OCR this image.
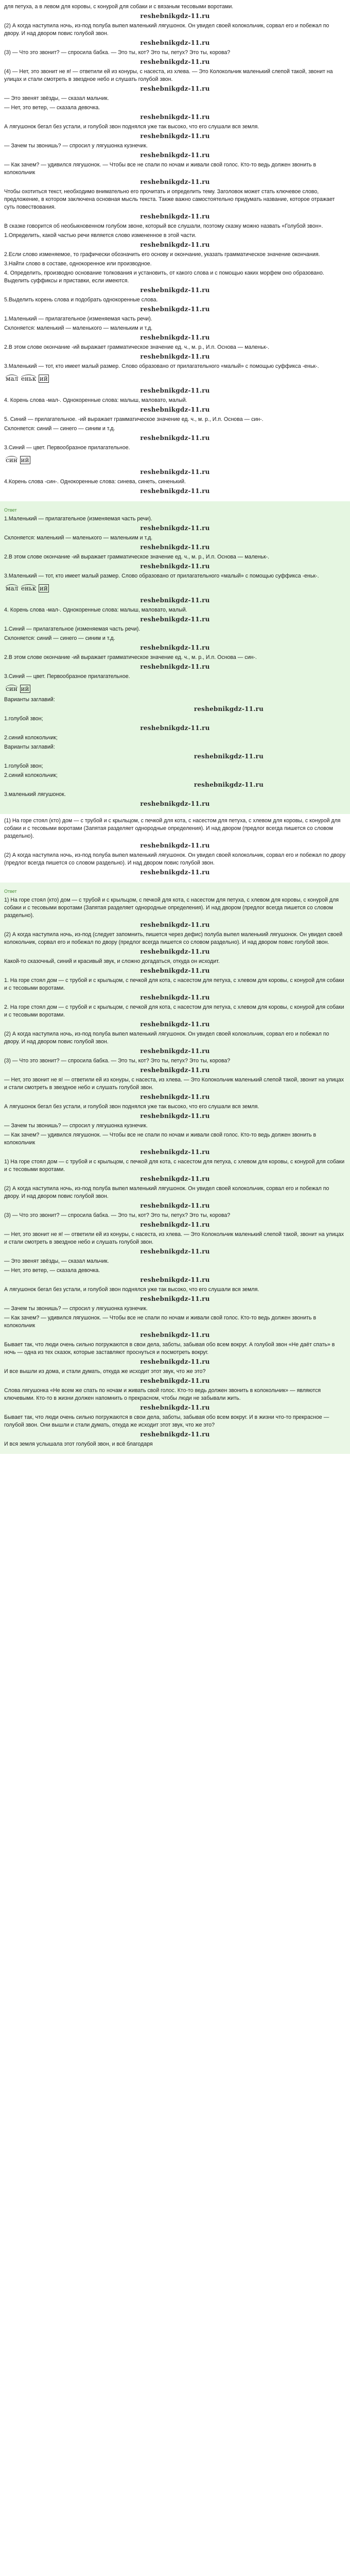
для петуха, а в левом для коровы, с конурой для собаки и с вязаным тесовыми воротами.

reshebnikgdz-11.ru

(2) А когда наступила ночь, из-под полуба выпел маленький лягушонок. Он увидел своей колокольчик, сорвал его и побежал по двору. И над двором повис голубой звон.

reshebnikgdz-11.ru

(3) — Что это звонит? — спросила бабка. — Это ты, кот? Это ты, петух? Это ты, корова?

reshebnikgdz-11.ru

(4) — Нет, это звонит не я! — ответили ей из конуры, с насеста, из хлева. — Это Колокольчик маленький слепой такой, звонит на улицах и стали смотреть в звездное небо и слушать голубой звон.

reshebnikgdz-11.ru

— Это звенят звёзды, — сказал мальчик.

— Нет, это ветер, — сказала девочка.

reshebnikgdz-11.ru

А лягушонок бегал без устали, и голубой звон поднялся уже так высоко, что его слушали вся земля.

reshebnikgdz-11.ru

— Зачем ты звонишь? — спросил у лягушонка кузнечик.

reshebnikgdz-11.ru

— Как зачем? — удивился лягушонок. — Чтобы все не спали по ночам и живали свой голос. Кто-то ведь должен звонить в колокольчик

reshebnikgdz-11.ru

Чтобы охотиться текст, необходимо внимательно его прочитать и определить тему. Заголовок может стать ключевое слово, предложение, в котором заключена основная мысль текста. Также важно самостоятельно придумать название, которое отражает суть повествования.

reshebnikgdz-11.ru

В сказке говорится об необыкновенном голубом звоне, который все слушали, поэтому сказку можно назвать «Голубой звон».

1.Определить, какой частью речи является слово измененное в этой части.

reshebnikgdz-11.ru

2.Если слово изменяемое, то графически обозначить его основу и окончание, указать грамматическое значение окончания.

3.Найти слово в составе, однокоренное или производное.

4. Определить, производно основание толкования и установить, от какого слова и с помощью каких морфем оно образовано. Выделить суффиксы и приставки, если имеются.

reshebnikgdz-11.ru

5.Выделить корень слова и подобрать однокоренные слова.

reshebnikgdz-11.ru

1.Маленький — прилагательное (изменяемая часть речи).

Склоняется: маленький — маленького — маленьким и т.д.

reshebnikgdz-11.ru

2.В этом слове окончание -ий выражает грамматическое значение ед. ч., м. р., И.п. Основа — маленьк-.

reshebnikgdz-11.ru

3.Маленький — тот, кто имеет малый размер. Слово образовано от прилагательного «малый» с помощью суффикса -еньк-.

мал еньк ий
reshebnikgdz-11.ru

4. Корень слова -мал-. Однокоренные слова: малыш, маловато, малый.

reshebnikgdz-11.ru

5. Синий — прилагательное. -ий выражает грамматическое значение ед. ч., м. р., И.п. Основа — син-.

Склоняется: синий — синего — синим и т.д.

reshebnikgdz-11.ru

3.Синий — цвет. Первообразное прилагательное.

син ий
reshebnikgdz-11.ru

4.Корень слова -син-. Однокоренные слова: синева, синеть, синенький.

reshebnikgdz-11.ru
Ответ

1.Маленький — прилагательное (изменяемая часть речи).

reshebnikgdz-11.ru

Склоняется: маленький — маленького — маленьким и т.д.

reshebnikgdz-11.ru

2.В этом слове окончание -ий выражает грамматическое значение ед. ч., м. р., И.п. Основа — маленьк-.

reshebnikgdz-11.ru

3.Маленький — тот, кто имеет малый размер. Слово образовано от прилагательного «малый» с помощью суффикса -еньк-.

мал еньк ий
reshebnikgdz-11.ru

4. Корень слова -мал-. Однокоренные слова: малыш, маловато, малый.

reshebnikgdz-11.ru

1.Синий — прилагательное (изменяемая часть речи).

Склоняется: синий — синего — синим и т.д.

reshebnikgdz-11.ru

2.В этом слове окончание -ий выражает грамматическое значение ед. ч., м. р., И.п. Основа — син-.

reshebnikgdz-11.ru

3.Синий — цвет. Первообразное прилагательное.

син ий

Варианты заглавий:

reshebnikgdz-11.ru

1.голубой звон;

reshebnikgdz-11.ru

2.синий колокольчик;

Варианты заглавий:

reshebnikgdz-11.ru

1.голубой звон;

2.синий колокольчик;

reshebnikgdz-11.ru

3.маленький лягушонок.

reshebnikgdz-11.ru

(1) На горе стоял (кто) дом — с трубой и с крыльцом, с печкой для кота, с насестом для петуха, с хлевом для коровы, с конурой для собаки и с тесовыми воротами (Запятая разделяет однородные определения). И над двором (предлог всегда пишется со словом раздельно).

reshebnikgdz-11.ru

(2) А когда наступила ночь, из-под полуба выпел маленький лягушонок. Он увидел своей колокольчик, сорвал его и побежал по двору (предлог всегда пишется со словом раздельно). И над двором повис голубой звон.

reshebnikgdz-11.ru
Ответ

1) На горе стоял (кто) дом — с трубой и с крыльцом, с печкой для кота, с насестом для петуха, с хлевом для коровы, с конурой для собаки и с тесовыми воротами (Запятая разделяет однородные определения). И над двором (предлог всегда пишется со словом раздельно).

reshebnikgdz-11.ru

(2) А когда наступила ночь, из-под (следует запомнить, пишется через дефис) полуба выпел маленький лягушонок. Он увидел своей колокольчик, сорвал его и побежал по двору (предлог всегда пишется со словом раздельно). И над двором повис голубой звон.

reshebnikgdz-11.ru

Какой-то сказочный, синий и красивый звук, и сложно догадаться, откуда он исходит.

reshebnikgdz-11.ru

1. На горе стоял дом — с трубой и с крыльцом, с печкой для кота, с насестом для петуха, с хлевом для коровы, с конурой для собаки и с тесовыми воротами.

reshebnikgdz-11.ru

2. На горе стоял дом — с трубой и с крыльцом, с печкой для кота, с насестом для петуха, с хлевом для коровы, с конурой для собаки и с тесовыми воротами.

reshebnikgdz-11.ru

(2) А когда наступила ночь, из-под полуба выпел маленький лягушонок. Он увидел своей колокольчик, сорвал его и побежал по двору. И над двором повис голубой звон.

reshebnikgdz-11.ru

(3) — Что это звонит? — спросила бабка. — Это ты, кот? Это ты, петух? Это ты, корова?

reshebnikgdz-11.ru

— Нет, это звонит не я! — ответили ей из конуры, с насеста, из хлева. — Это Колокольчик маленький слепой такой, звонит на улицах и стали смотреть в звездное небо и слушать голубой звон.

reshebnikgdz-11.ru

А лягушонок бегал без устали, и голубой звон поднялся уже так высоко, что его слушали вся земля.

reshebnikgdz-11.ru

— Зачем ты звонишь? — спросил у лягушонка кузнечик.

— Как зачем? — удивился лягушонок. — Чтобы все не спали по ночам и живали свой голос. Кто-то ведь должен звонить в колокольчик

reshebnikgdz-11.ru

1) На горе стоял дом — с трубой и с крыльцом, с печкой для кота, с насестом для петуха, с хлевом для коровы, с конурой для собаки и с тесовыми воротами.

reshebnikgdz-11.ru

(2) А когда наступила ночь, из-под полуба выпел маленький лягушонок. Он увидел своей колокольчик, сорвал его и побежал по двору. И над двором повис голубой звон.

reshebnikgdz-11.ru

(3) — Что это звонит? — спросила бабка. — Это ты, кот? Это ты, петух? Это ты, корова?

reshebnikgdz-11.ru

— Нет, это звонит не я! — ответили ей из конуры, с насеста, из хлева. — Это Колокольчик маленький слепой такой, звонит на улицах и стали смотреть в звездное небо и слушать голубой звон.

reshebnikgdz-11.ru

— Это звенят звёзды, — сказал мальчик.

— Нет, это ветер, — сказала девочка.

reshebnikgdz-11.ru

А лягушонок бегал без устали, и голубой звон поднялся уже так высоко, что его слушали вся земля.

reshebnikgdz-11.ru

— Зачем ты звонишь? — спросил у лягушонка кузнечик.

— Как зачем? — удивился лягушонок. — Чтобы все не спали по ночам и живали свой голос. Кто-то ведь должен звонить в колокольчик

reshebnikgdz-11.ru

Бывает так, что люди очень сильно погружаются в свои дела, заботы, забывая обо всем вокруг. А голубой звон «Не даёт спать» в ночь — одна из тех сказок, которые заставляют проснуться и посмотреть вокруг.

reshebnikgdz-11.ru

И все вышли из дома, и стали думать, откуда же исходит этот звук, что же это?

reshebnikgdz-11.ru

Слова лягушонка «Не всем же спать по ночам и живать свой голос. Кто-то ведь должен звонить в колокольчик» — являются ключевыми. Кто-то в жизни должен напомнить о прекрасном, чтобы люди не забывали жить.

reshebnikgdz-11.ru

Бывает так, что люди очень сильно погружаются в свои дела, заботы, забывая обо всем вокруг. И в жизни что-то прекрасное — голубой звон. Они вышли и стали думать, откуда же исходит этот звук, что же это?

reshebnikgdz-11.ru

И вся земля услышала этот голубой звон, и всё благодаря
